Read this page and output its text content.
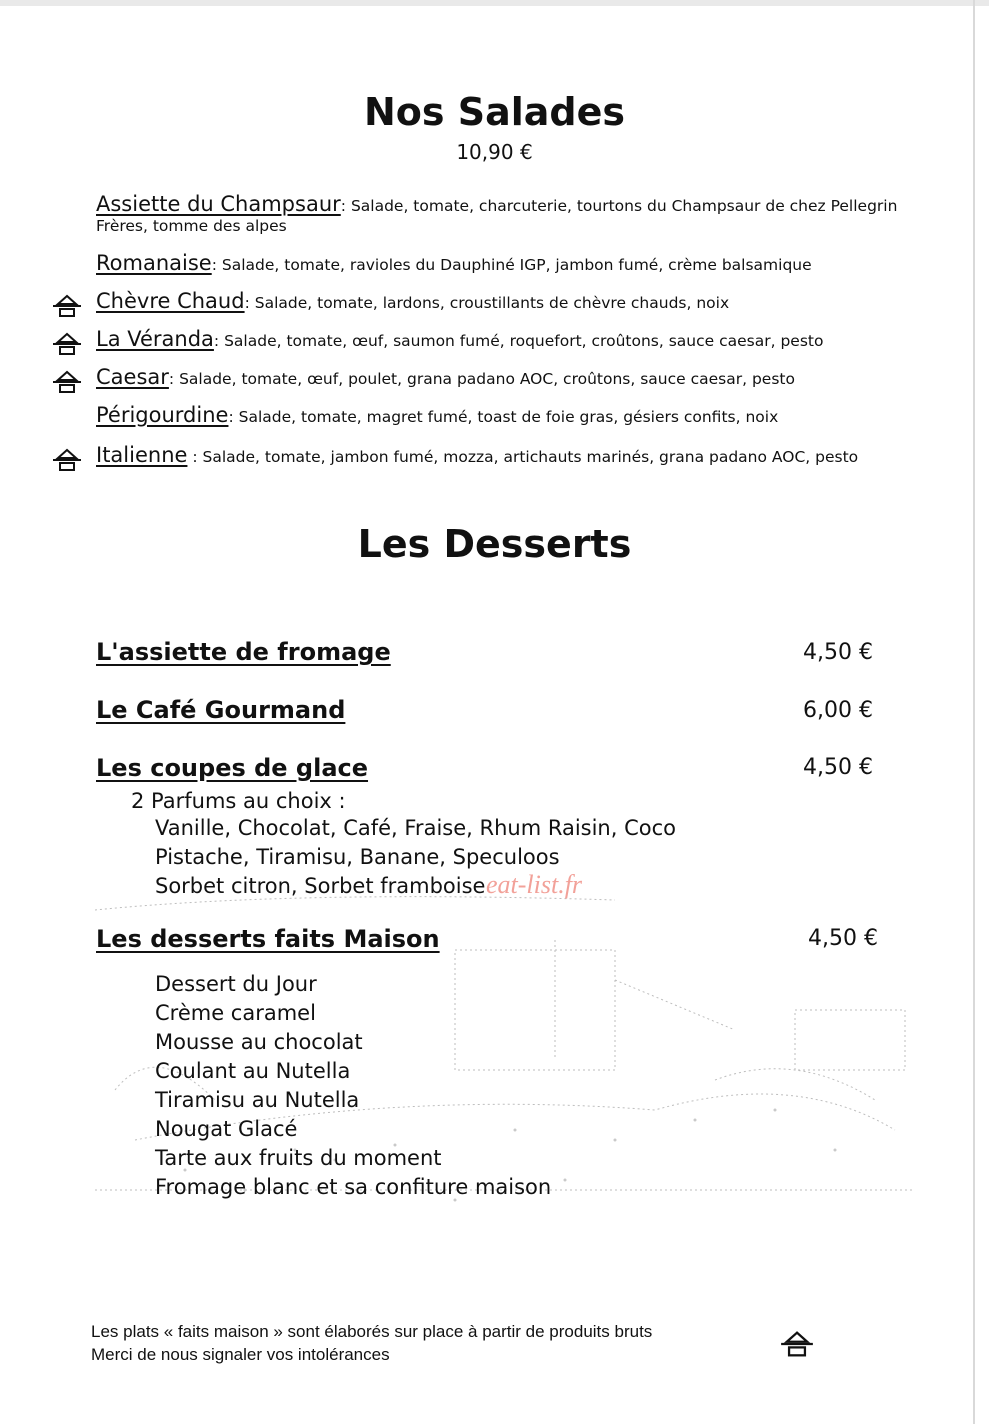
Nos Salades
10,90 €
Assiette du Champsaur: Salade, tomate, charcuterie, tourtons du Champsaur de chez Pellegrin Frères, tomme des alpes
Romanaise: Salade, tomate, ravioles du Dauphiné IGP, jambon fumé, crème balsamique
Chèvre Chaud: Salade, tomate, lardons, croustillants de chèvre chauds, noix
La Véranda: Salade, tomate, œuf, saumon fumé, roquefort, croûtons, sauce caesar, pesto
Caesar: Salade, tomate, œuf, poulet, grana padano AOC, croûtons, sauce caesar, pesto
Périgourdine: Salade, tomate, magret fumé, toast de foie gras, gésiers confits, noix
Italienne : Salade, tomate, jambon fumé, mozza, artichauts marinés, grana padano AOC, pesto
Les Desserts
L'assiette de fromage	4,50 €
Le Café Gourmand	6,00 €
Les coupes de glace	4,50 €
2 Parfums au choix :
Vanille, Chocolat, Café, Fraise, Rhum Raisin, Coco
Pistache, Tiramisu, Banane, Speculoos
Sorbet citron, Sorbet framboise eat-list.fr
Les desserts faits Maison	4,50 €
Dessert du Jour
Crème caramel
Mousse au chocolat
Coulant au Nutella
Tiramisu au Nutella
Nougat Glacé
Tarte aux fruits du moment
Fromage blanc et sa confiture maison
Les plats « faits maison » sont élaborés sur place à partir de produits bruts
Merci de nous signaler vos intolérances
